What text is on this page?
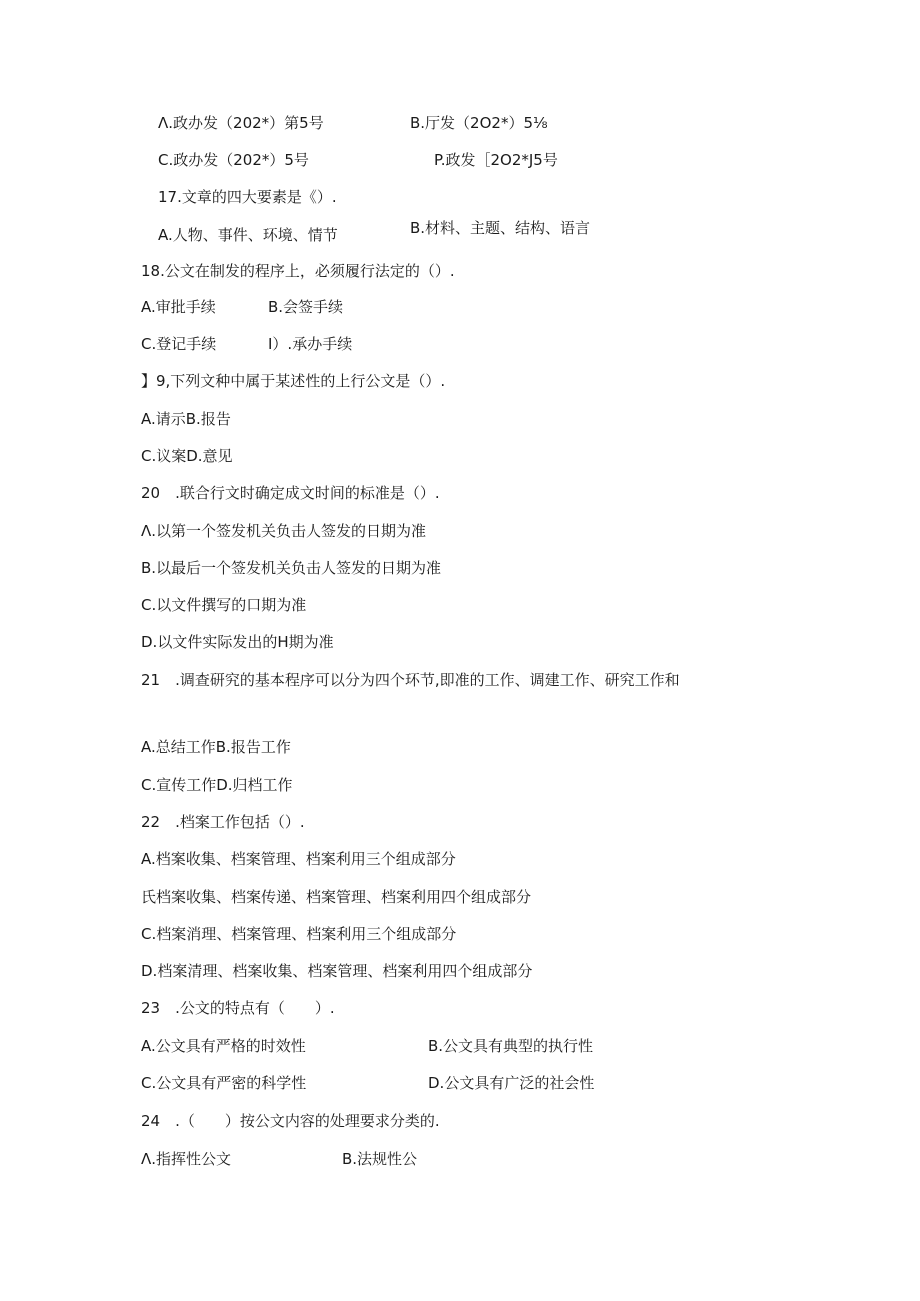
Λ.政办发（202*）第5号	B.厅发（2O2*）5⅛
C.政办发（202*）5号	P.政发［2O2*J5号
17.文章的四大要素是《）.
A.人物、事件、环境、情节	B.材料、主题、结构、语言
18.公文在制发的程序上，必须履行法定的（）.
A.审批手续	B.会签手续
C.登记手续	I）.承办手续
】9,下列文种中属于某述性的上行公文是（）.
A.请示B.报告
C.议案D.意见
20　.联合行文时确定成文时间的标准是（）.
Λ.以第一个签发机关负击人签发的日期为准
B.以最后一个签发机关负击人签发的日期为准
C.以文件撰写的口期为准
D.以文件实际发出的H期为准
21　.调查研究的基本程序可以分为四个环节,即准的工作、调建工作、研究工作和
A.总结工作B.报告工作
C.宣传工作D.归档工作
22　.档案工作包括（）.
A.档案收集、档案管理、档案利用三个组成部分
氏档案收集、档案传递、档案管理、档案利用四个组成部分
C.档案消理、档案管理、档案利用三个组成部分
D.档案清理、档案收集、档案管理、档案利用四个组成部分
23　.公文的特点有（　　）.
A.公文具有严格的时效性	B.公文具有典型的执行性
C.公文具有严密的科学性	D.公文具有广泛的社会性
24　.（　　）按公文内容的处理要求分类的.
Λ.指挥性公文	B.法规性公
